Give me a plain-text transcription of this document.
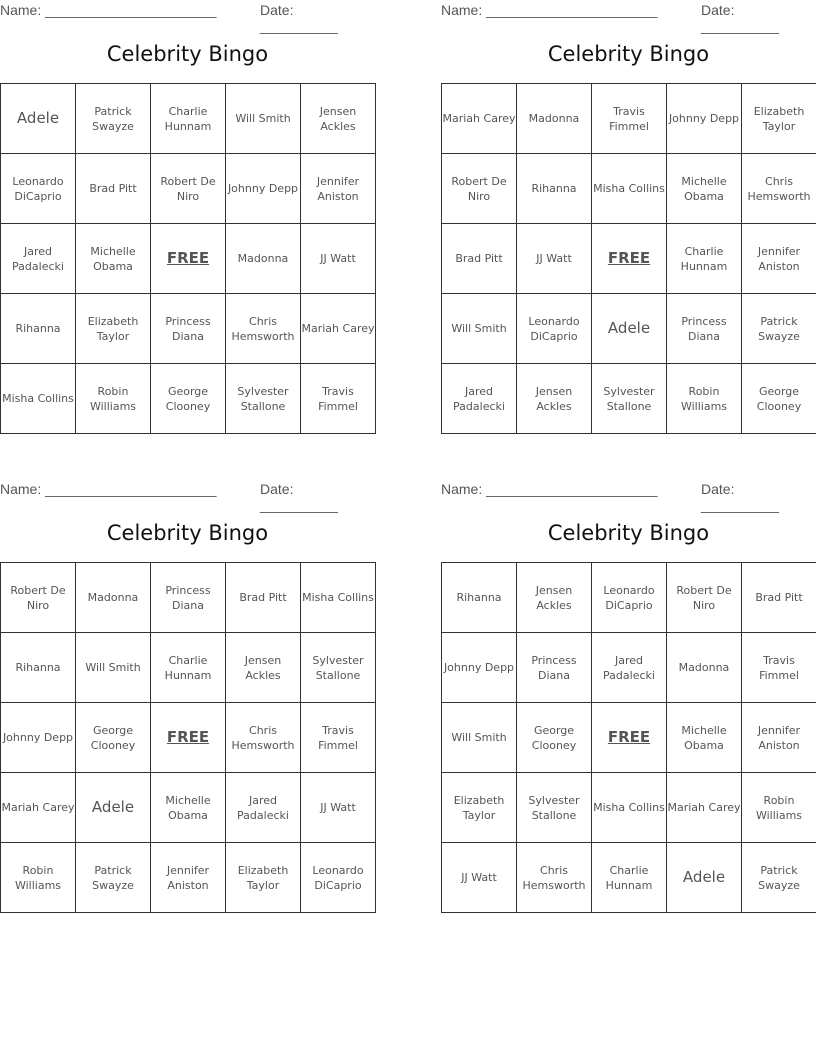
Name: ______________________	Date: __________
Celebrity Bingo
Adele	Patrick Swayze	Charlie Hunnam	Will Smith	Jensen Ackles
Leonardo DiCaprio	Brad Pitt	Robert De Niro	Johnny Depp	Jennifer Aniston
Jared Padalecki	Michelle Obama	FREE	Madonna	JJ Watt
Rihanna	Elizabeth Taylor	Princess Diana	Chris Hemsworth	Mariah Carey
Misha Collins	Robin Williams	George Clooney	Sylvester Stallone	Travis Fimmel
Name: ______________________	Date: __________
Celebrity Bingo
Mariah Carey	Madonna	Travis Fimmel	Johnny Depp	Elizabeth Taylor
Robert De Niro	Rihanna	Misha Collins	Michelle Obama	Chris Hemsworth
Brad Pitt	JJ Watt	FREE	Charlie Hunnam	Jennifer Aniston
Will Smith	Leonardo DiCaprio	Adele	Princess Diana	Patrick Swayze
Jared Padalecki	Jensen Ackles	Sylvester Stallone	Robin Williams	George Clooney
Name: ______________________	Date: __________
Celebrity Bingo
Robert De Niro	Madonna	Princess Diana	Brad Pitt	Misha Collins
Rihanna	Will Smith	Charlie Hunnam	Jensen Ackles	Sylvester Stallone
Johnny Depp	George Clooney	FREE	Chris Hemsworth	Travis Fimmel
Mariah Carey	Adele	Michelle Obama	Jared Padalecki	JJ Watt
Robin Williams	Patrick Swayze	Jennifer Aniston	Elizabeth Taylor	Leonardo DiCaprio
Name: ______________________	Date: __________
Celebrity Bingo
Rihanna	Jensen Ackles	Leonardo DiCaprio	Robert De Niro	Brad Pitt
Johnny Depp	Princess Diana	Jared Padalecki	Madonna	Travis Fimmel
Will Smith	George Clooney	FREE	Michelle Obama	Jennifer Aniston
Elizabeth Taylor	Sylvester Stallone	Misha Collins	Mariah Carey	Robin Williams
JJ Watt	Chris Hemsworth	Charlie Hunnam	Adele	Patrick Swayze
